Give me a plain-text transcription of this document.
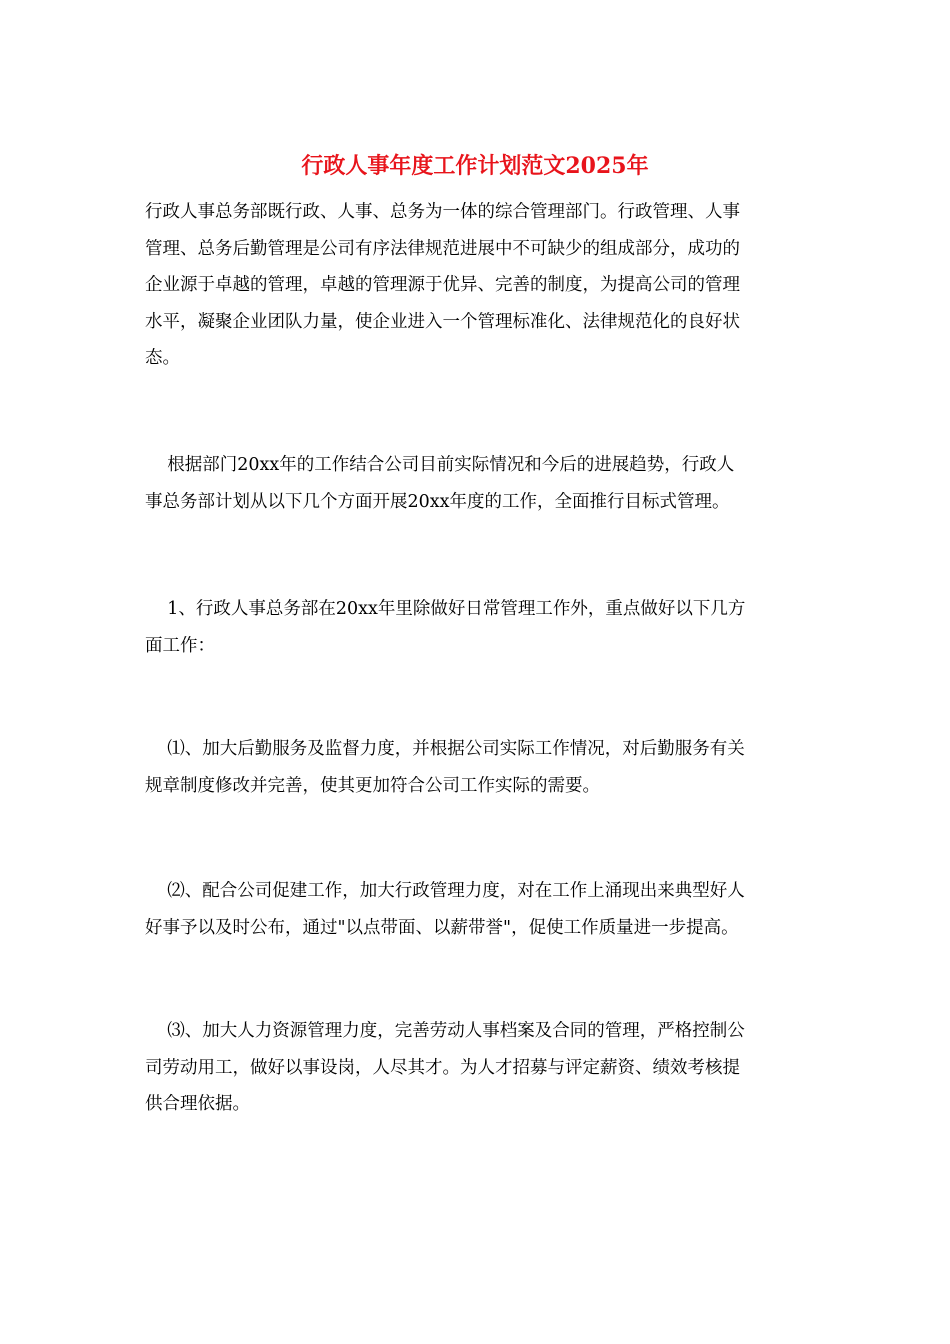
行政人事年度工作计划范文2025年
行政人事总务部既行政、人事、总务为一体的综合管理部门。行政管理、人事
管理、总务后勤管理是公司有序法律规范进展中不可缺少的组成部分，成功的
企业源于卓越的管理，卓越的管理源于优异、完善的制度，为提高公司的管理
水平，凝聚企业团队力量，使企业进入一个管理标准化、法律规范化的良好状
态。
根据部门20xx年的工作结合公司目前实际情况和今后的进展趋势，行政人
事总务部计划从以下几个方面开展20xx年度的工作，全面推行目标式管理。
1、行政人事总务部在20xx年里除做好日常管理工作外，重点做好以下几方
面工作：
⑴、加大后勤服务及监督力度，并根据公司实际工作情况，对后勤服务有关
规章制度修改并完善，使其更加符合公司工作实际的需要。
⑵、配合公司促建工作，加大行政管理力度，对在工作上涌现出来典型好人
好事予以及时公布，通过"以点带面、以薪带誉"，促使工作质量进一步提高。
⑶、加大人力资源管理力度，完善劳动人事档案及合同的管理，严格控制公
司劳动用工，做好以事设岗，人尽其才。为人才招募与评定薪资、绩效考核提
供合理依据。
